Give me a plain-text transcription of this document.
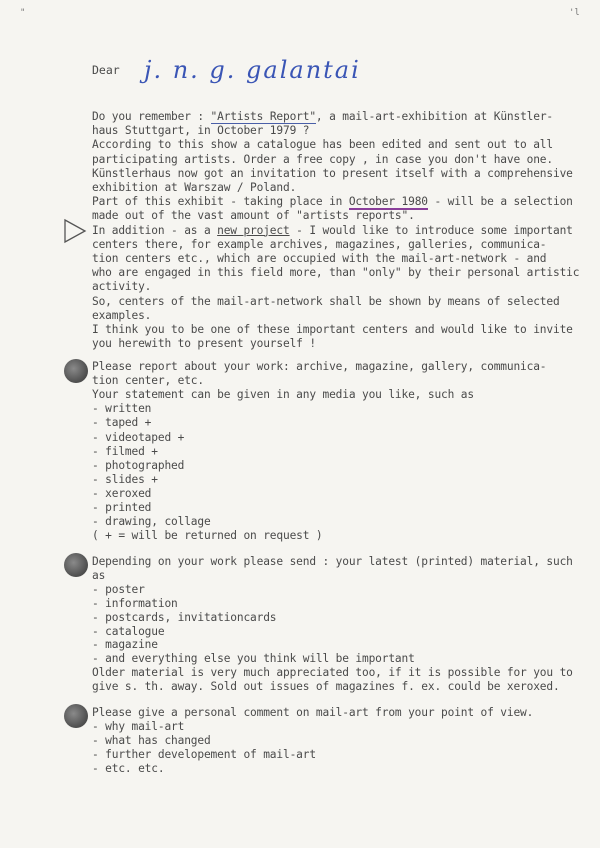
"	'l
Dear j. n. g. galantai
Do you remember : "Artists Report", a mail-art-exhibition at Künstler-
haus Stuttgart, in October 1979 ?
According to this show a catalogue has been edited and sent out to all
participating artists. Order a free copy , in case you don't have one.
Künstlerhaus now got an invitation to present itself with a comprehensive
exhibition at Warszaw / Poland.
Part of this exhibit - taking place in October 1980 - will be a selection
made out of the vast amount of "artists reports".
In addition - as a new project - I would like to introduce some important
centers there, for example archives, magazines, galleries, communica-
tion centers etc., which are occupied with the mail-art-network - and
who are engaged in this field more, than "only" by their personal artistic
activity.
So, centers of the mail-art-network shall be shown by means of selected
examples.
I think you to be one of these important centers and would like to invite
you herewith to present yourself !
Please report about your work: archive, magazine, gallery, communica-
tion center, etc.
Your statement can be given in any media you like, such as
- written
- taped +
- videotaped +
- filmed +
- photographed
- slides +
- xeroxed
- printed
- drawing, collage
( + = will be returned on request )
Depending on your work please send : your latest (printed) material, such
as
- poster
- information
- postcards, invitationcards
- catalogue
- magazine
- and everything else you think will be important
Older material is very much appreciated too, if it is possible for you to
give s. th. away. Sold out issues of magazines f. ex. could be xeroxed.
Please give a personal comment on mail-art from your point of view.
- why mail-art
- what has changed
- further developement of mail-art
- etc. etc.
